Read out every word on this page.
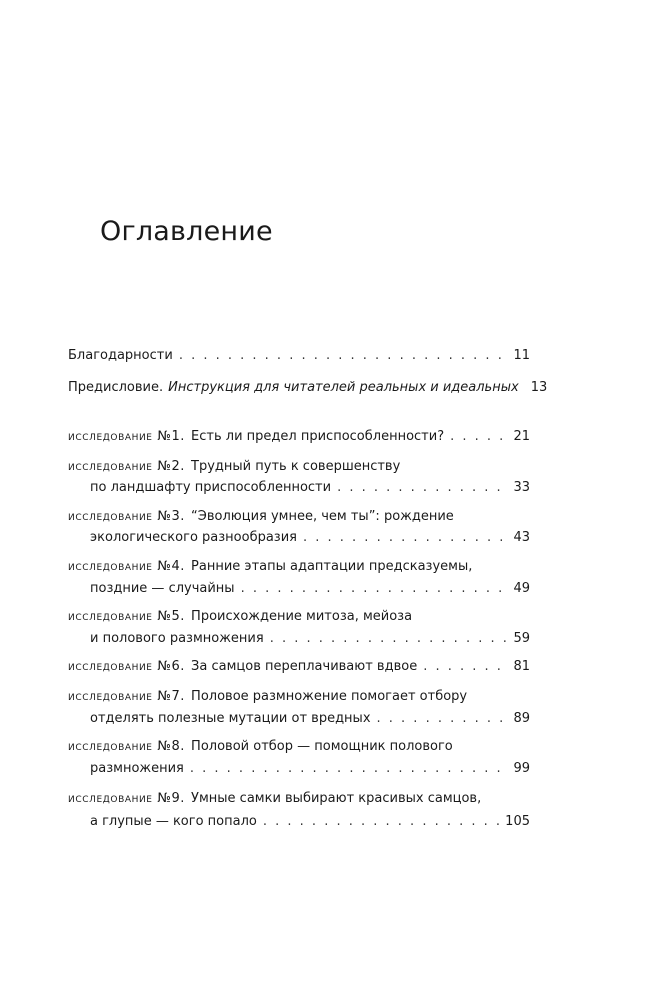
Оглавление
Благодарности . . .	11
Предисловие. Инструкция для читателей реальных и идеальных 13
исследование №1. Есть ли предел приспособленности? . . .	21
исследование №2. Трудный путь к совершенству
по ландшафту приспособленности . . .	33
исследование №3. “Эволюция умнее, чем ты”: рождение
экологического разнообразия . . .	43
исследование №4. Ранние этапы адаптации предсказуемы,
поздние — случайны . . .	49
исследование №5. Происхождение митоза, мейоза
и полового размножения . . .	59
исследование №6. За самцов переплачивают вдвое . . .	81
исследование №7. Половое размножение помогает отбору
отделять полезные мутации от вредных . . .	89
исследование №8. Половой отбор — помощник полового
размножения . . .	99
исследование №9. Умные самки выбирают красивых самцов,
а глупые — кого попало . . .	105
